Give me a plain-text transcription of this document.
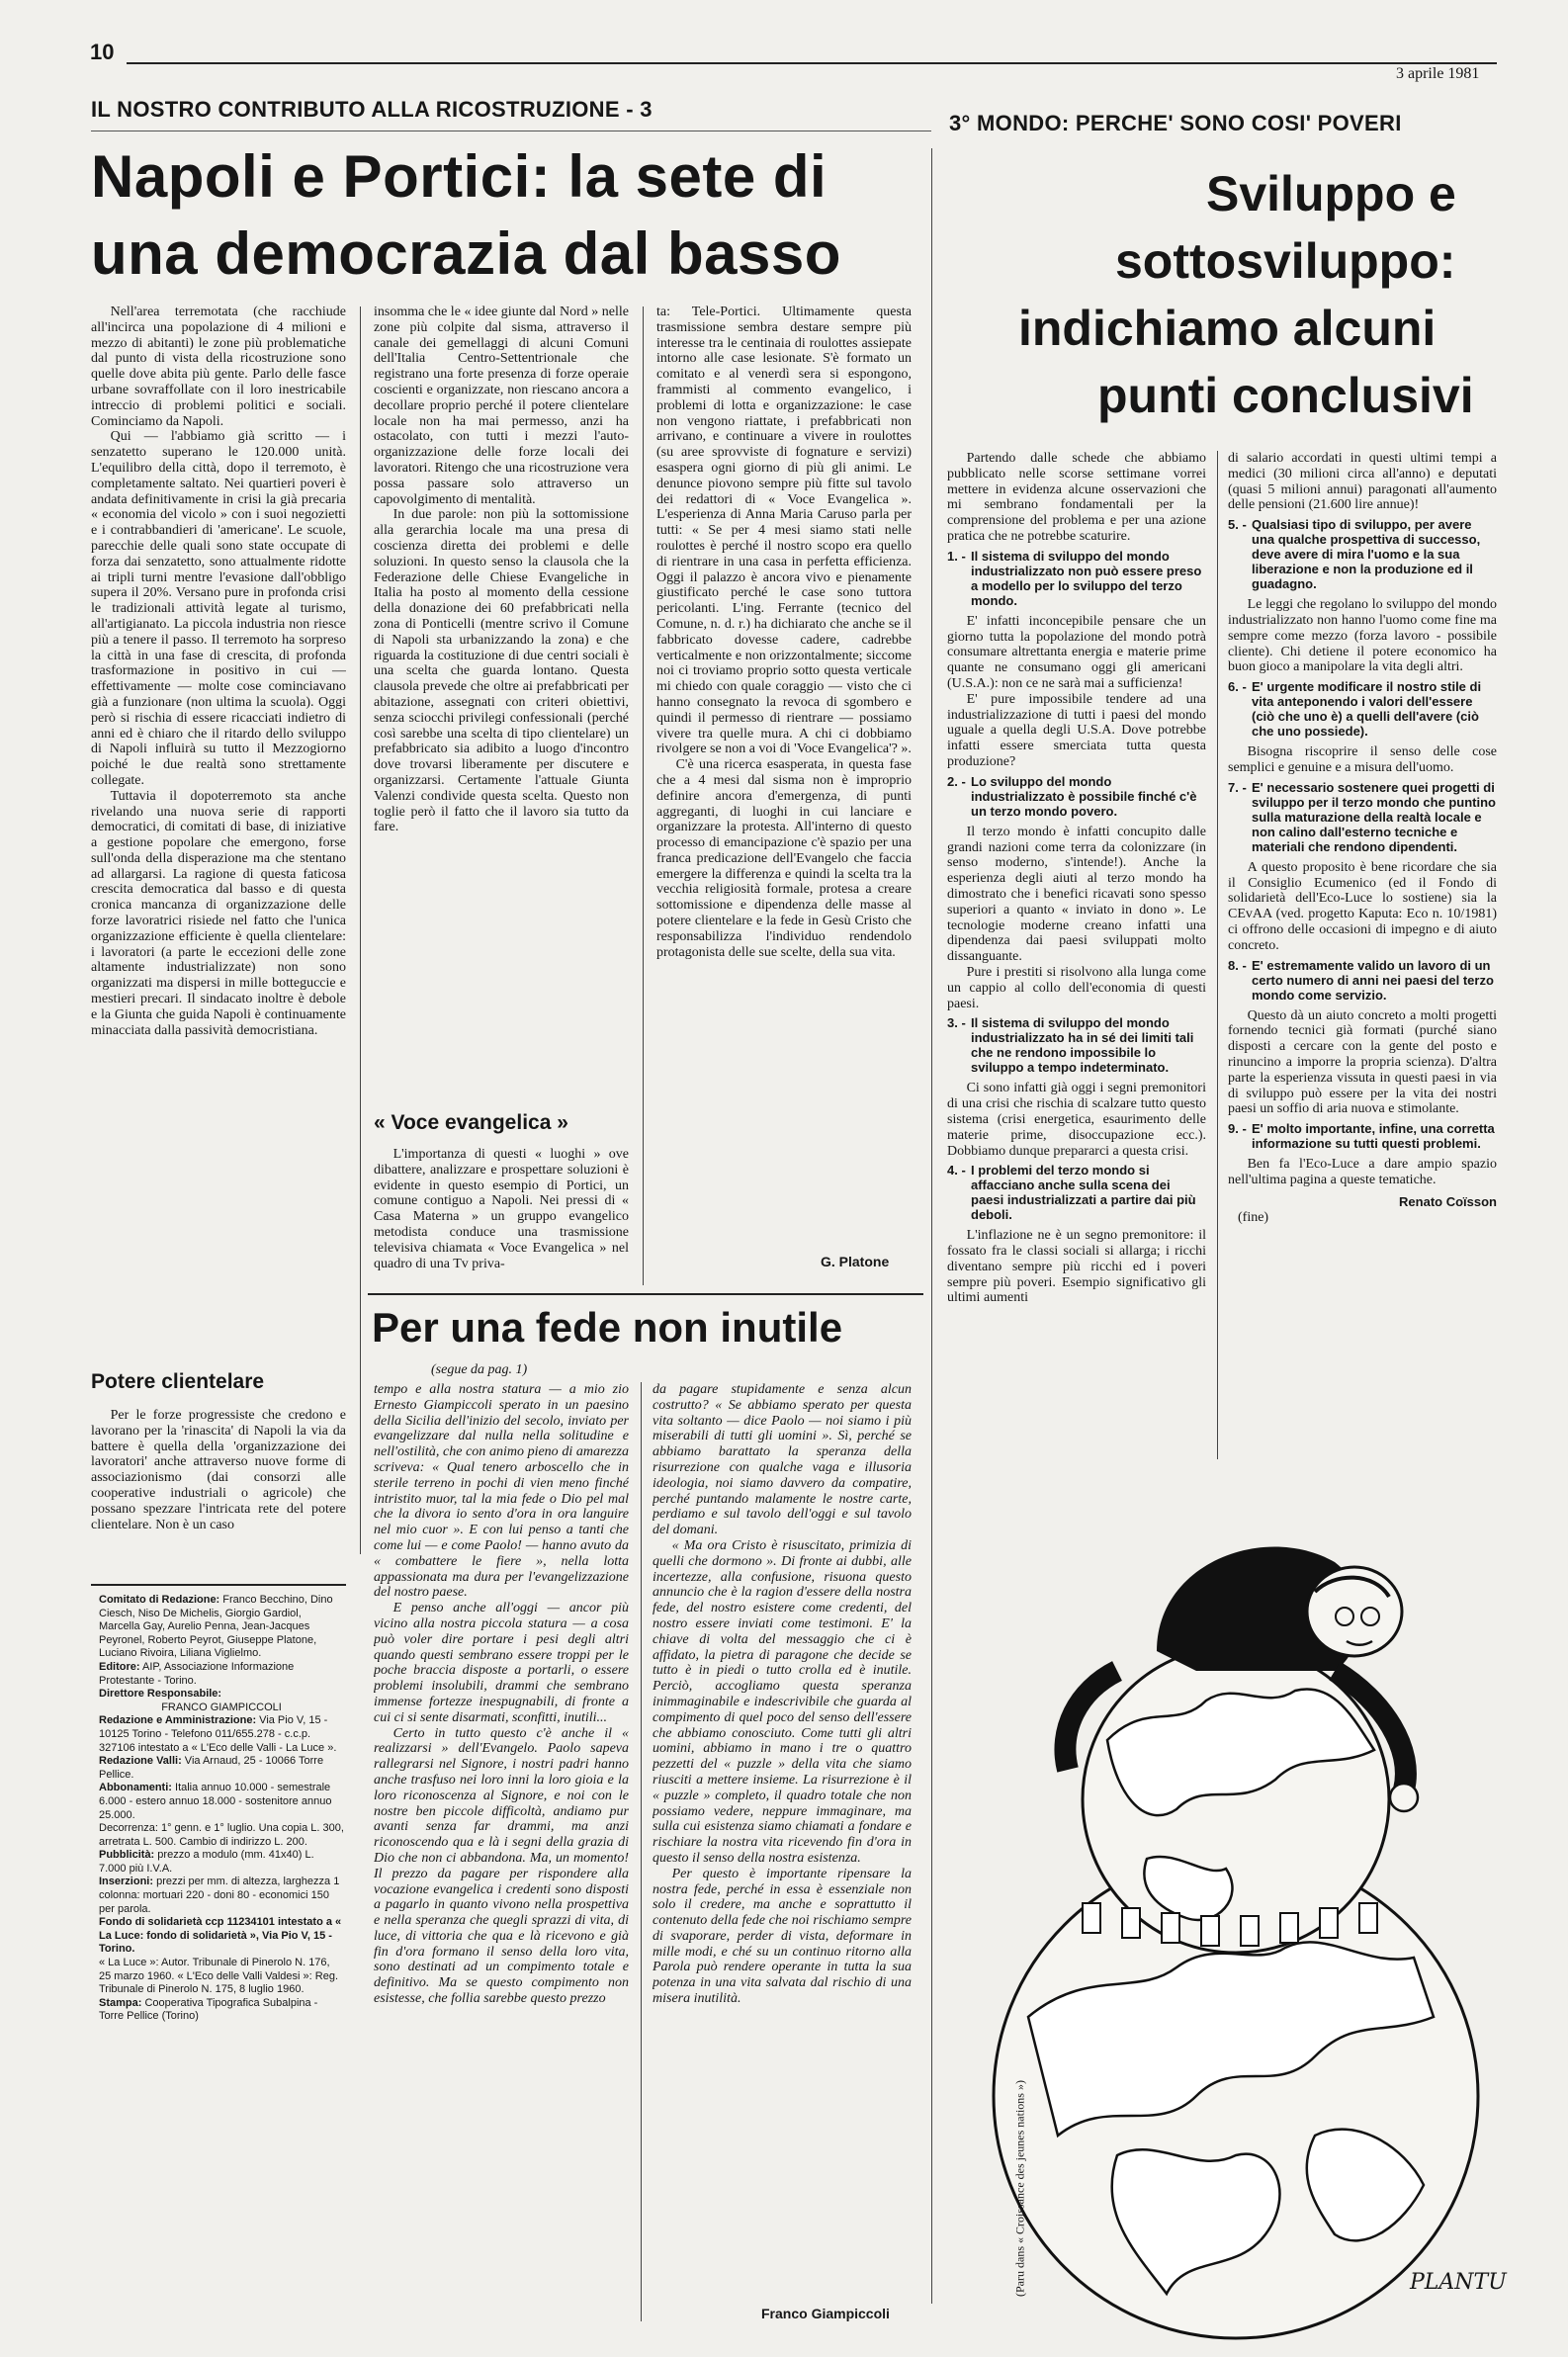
10
3 aprile 1981
IL NOSTRO CONTRIBUTO ALLA RICOSTRUZIONE - 3
3° MONDO: PERCHE' SONO COSI' POVERI
Napoli e Portici: la sete di
una democrazia dal basso
Sviluppo e
sottosviluppo:
indichiamo alcuni
punti conclusivi

Nell'area terremotata (che racchiude all'incirca una popolazione di 4 milioni e mezzo di abitanti) le zone più problematiche dal punto di vista della ricostruzione sono quelle dove abita più gente. Parlo delle fasce urbane sovraffollate con il loro inestricabile intreccio di problemi politici e sociali. Cominciamo da Napoli.

Qui — l'abbiamo già scritto — i senzatetto superano le 120.000 unità. L'equilibro della città, dopo il terremoto, è completamente saltato. Nei quartieri poveri è andata definitivamente in crisi la già precaria « economia del vicolo » con i suoi negozietti e i contrabbandieri di 'americane'. Le scuole, parecchie delle quali sono state occupate di forza dai senzatetto, sono attualmente ridotte ai tripli turni mentre l'evasione dall'obbligo supera il 20%. Versano pure in profonda crisi le tradizionali attività legate al turismo, all'artigianato. La piccola industria non riesce più a tenere il passo. Il terremoto ha sorpreso la città in una fase di crescita, di profonda trasformazione in positivo in cui — effettivamente — molte cose cominciavano già a funzionare (non ultima la scuola). Oggi però si rischia di essere ricacciati indietro di anni ed è chiaro che il ritardo dello sviluppo di Napoli influirà su tutto il Mezzogiorno poiché le due realtà sono strettamente collegate.

Tuttavia il dopoterremoto sta anche rivelando una nuova serie di rapporti democratici, di comitati di base, di iniziative a gestione popolare che emergono, forse sull'onda della disperazione ma che stentano ad allargarsi. La ragione di questa faticosa crescita democratica dal basso e di questa cronica mancanza di organizzazione delle forze lavoratrici risiede nel fatto che l'unica organizzazione efficiente è quella clientelare: i lavoratori (a parte le eccezioni delle zone altamente industrializzate) non sono organizzati ma dispersi in mille botteguccie e mestieri precari. Il sindacato inoltre è debole e la Giunta che guida Napoli è continuamente minacciata dalla passività democristiana.

Potere clientelare

Per le forze progressiste che credono e lavorano per la 'rinascita' di Napoli la via da battere è quella della 'organizzazione dei lavoratori' anche attraverso nuove forme di associazionismo (dai consorzi alle cooperative industriali o agricole) che possano spezzare l'intricata rete del potere clientelare. Non è un caso

insomma che le « idee giunte dal Nord » nelle zone più colpite dal sisma, attraverso il canale dei gemellaggi di alcuni Comuni dell'Italia Centro-Settentrionale che registrano una forte presenza di forze operaie coscienti e organizzate, non riescano ancora a decollare proprio perché il potere clientelare locale non ha mai permesso, anzi ha ostacolato, con tutti i mezzi l'auto-organizzazione delle forze locali dei lavoratori. Ritengo che una ricostruzione vera possa passare solo attraverso un capovolgimento di mentalità.

In due parole: non più la sottomissione alla gerarchia locale ma una presa di coscienza diretta dei problemi e delle soluzioni. In questo senso la clausola che la Federazione delle Chiese Evangeliche in Italia ha posto al momento della cessione della donazione dei 60 prefabbricati nella zona di Ponticelli (mentre scrivo il Comune di Napoli sta urbanizzando la zona) e che riguarda la costituzione di due centri sociali è una scelta che guarda lontano. Questa clausola prevede che oltre ai prefabbricati per abitazione, assegnati con criteri obiettivi, senza sciocchi privilegi confessionali (perché così sarebbe una scelta di tipo clientelare) un prefabbricato sia adibito a luogo d'incontro dove trovarsi liberamente per discutere e organizzarsi. Certamente l'attuale Giunta Valenzi condivide questa scelta. Questo non toglie però il fatto che il lavoro sia tutto da fare.

« Voce evangelica »

L'importanza di questi « luoghi » ove dibattere, analizzare e prospettare soluzioni è evidente in questo esempio di Portici, un comune contiguo a Napoli. Nei pressi di « Casa Materna » un gruppo evangelico metodista conduce una trasmissione televisiva chiamata « Voce Evangelica » nel quadro di una Tv priva-

ta: Tele-Portici. Ultimamente questa trasmissione sembra destare sempre più interesse tra le centinaia di roulottes assiepate intorno alle case lesionate. S'è formato un comitato e al venerdì sera si espongono, frammisti al commento evangelico, i problemi di lotta e organizzazione: le case non vengono riattate, i prefabbricati non arrivano, e continuare a vivere in roulottes (su aree sprovviste di fognature e servizi) esaspera ogni giorno di più gli animi. Le denunce piovono sempre più fitte sul tavolo dei redattori di « Voce Evangelica ». L'esperienza di Anna Maria Caruso parla per tutti: « Se per 4 mesi siamo stati nelle roulottes è perché il nostro scopo era quello di rientrare in una casa in perfetta efficienza. Oggi il palazzo è ancora vivo e pienamente giustificato perché le case sono tuttora pericolanti. L'ing. Ferrante (tecnico del Comune, n. d. r.) ha dichiarato che anche se il fabbricato dovesse cadere, cadrebbe verticalmente e non orizzontalmente; siccome noi ci troviamo proprio sotto questa verticale mi chiedo con quale coraggio — visto che ci hanno consegnato la revoca di sgombero e quindi il permesso di rientrare — possiamo vivere tra quelle mura. A chi ci dobbiamo rivolgere se non a voi di 'Voce Evangelica'? ».

C'è una ricerca esasperata, in questa fase che a 4 mesi dal sisma non è improprio definire ancora d'emergenza, di punti aggreganti, di luoghi in cui lanciare e organizzare la protesta. All'interno di questo processo di emancipazione c'è spazio per una franca predicazione dell'Evangelo che faccia emergere la differenza e quindi la scelta tra la vecchia religiosità formale, protesa a creare sottomissione e dipendenza delle masse al potere clientelare e la fede in Gesù Cristo che responsabilizza l'individuo rendendolo protagonista delle sue scelte, della sua vita.

G. Platone

Comitato di Redazione: Franco Becchino, Dino Ciesch, Niso De Michelis, Giorgio Gardiol, Marcella Gay, Aurelio Penna, Jean-Jacques Peyronel, Roberto Peyrot, Giuseppe Platone, Luciano Rivoira, Liliana Viglielmo.

Editore: AIP, Associazione Informazione Protestante - Torino.

Direttore Responsabile:

FRANCO GIAMPICCOLI

Redazione e Amministrazione: Via Pio V, 15 - 10125 Torino - Telefono 011/655.278 - c.c.p. 327106 intestato a « L'Eco delle Valli - La Luce ».

Redazione Valli: Via Arnaud, 25 - 10066 Torre Pellice.

Abbonamenti: Italia annuo 10.000 - semestrale 6.000 - estero annuo 18.000 - sostenitore annuo 25.000.

Decorrenza: 1° genn. e 1° luglio. Una copia L. 300, arretrata L. 500. Cambio di indirizzo L. 200.

Pubblicità: prezzo a modulo (mm. 41x40) L. 7.000 più I.V.A.

Inserzioni: prezzi per mm. di altezza, larghezza 1 colonna: mortuari 220 - doni 80 - economici 150 per parola.

Fondo di solidarietà ccp 11234101 intestato a « La Luce: fondo di solidarietà », Via Pio V, 15 - Torino.

« La Luce »: Autor. Tribunale di Pinerolo N. 176, 25 marzo 1960. « L'Eco delle Valli Valdesi »: Reg. Tribunale di Pinerolo N. 175, 8 luglio 1960.

Stampa: Cooperativa Tipografica Subalpina - Torre Pellice (Torino)

Per una fede non inutile
(segue da pag. 1)

tempo e alla nostra statura — a mio zio Ernesto Giampiccoli sperato in un paesino della Sicilia dell'inizio del secolo, inviato per evangelizzare dal nulla nella solitudine e nell'ostilità, che con animo pieno di amarezza scriveva: « Qual tenero arboscello che in sterile terreno in pochi di vien meno finché intristito muor, tal la mia fede o Dio pel mal che la divora io sento d'ora in ora languire nel mio cuor ». E con lui penso a tanti che come lui — e come Paolo! — hanno avuto da « combattere le fiere », nella lotta appassionata ma dura per l'evangelizzazione del nostro paese.

E penso anche all'oggi — ancor più vicino alla nostra piccola statura — a cosa può voler dire portare i pesi degli altri quando questi sembrano essere troppi per le poche braccia disposte a portarli, o essere problemi insolubili, drammi che sembrano immense fortezze inespugnabili, di fronte a cui ci si sente disarmati, sconfitti, inutili...

Certo in tutto questo c'è anche il « realizzarsi » dell'Evangelo. Paolo sapeva rallegrarsi nel Signore, i nostri padri hanno anche trasfuso nei loro inni la loro gioia e la loro riconoscenza al Signore, e noi con le nostre ben piccole difficoltà, andiamo pur avanti senza far drammi, ma anzi riconoscendo qua e là i segni della grazia di Dio che non ci abbandona. Ma, un momento! Il prezzo da pagare per rispondere alla vocazione evangelica i credenti sono disposti a pagarlo in quanto vivono nella prospettiva e nella speranza che quegli sprazzi di vita, di luce, di vittoria che qua e là ricevono e già fin d'ora formano il senso della loro vita, sono destinati ad un compimento totale e definitivo. Ma se questo compimento non esistesse, che follia sarebbe questo prezzo

da pagare stupidamente e senza alcun costrutto? « Se abbiamo sperato per questa vita soltanto — dice Paolo — noi siamo i più miserabili di tutti gli uomini ». Sì, perché se abbiamo barattato la speranza della risurrezione con qualche vaga e illusoria ideologia, noi siamo davvero da compatire, perché puntando malamente le nostre carte, perdiamo e sul tavolo dell'oggi e sul tavolo del domani.

« Ma ora Cristo è risuscitato, primizia di quelli che dormono ». Di fronte ai dubbi, alle incertezze, alla confusione, risuona questo annuncio che è la ragion d'essere della nostra fede, del nostro esistere come credenti, del nostro essere inviati come testimoni. E' la chiave di volta del messaggio che ci è affidato, la pietra di paragone che decide se tutto è in piedi o tutto crolla ed è inutile. Perciò, accogliamo questa speranza inimmaginabile e indescrivibile che guarda al compimento di quel poco del senso dell'essere che abbiamo conosciuto. Come tutti gli altri uomini, abbiamo in mano i tre o quattro pezzetti del « puzzle » della vita che siamo riusciti a mettere insieme. La risurrezione è il « puzzle » completo, il quadro totale che non possiamo vedere, neppure immaginare, ma sulla cui esistenza siamo chiamati a fondare e rischiare la nostra vita ricevendo fin d'ora in questo il senso della nostra esistenza.

Per questo è importante ripensare la nostra fede, perché in essa è essenziale non solo il credere, ma anche e soprattutto il contenuto della fede che noi rischiamo sempre di svaporare, perder di vista, deformare in mille modi, e ché su un continuo ritorno alla Parola può rendere operante in tutta la sua potenza in una vita salvata dal rischio di una misera inutilità.

Franco Giampiccoli

Partendo dalle schede che abbiamo pubblicato nelle scorse settimane vorrei mettere in evidenza alcune osservazioni che mi sembrano fondamentali per la comprensione del problema e per una azione pratica che ne potrebbe scaturire.

1. - Il sistema di sviluppo del mondo industrializzato non può essere preso a modello per lo sviluppo del terzo mondo.

E' infatti inconcepibile pensare che un giorno tutta la popolazione del mondo potrà consumare altrettanta energia e materie prime quante ne consumano oggi gli americani (U.S.A.): non ce ne sarà mai a sufficienza!

E' pure impossibile tendere ad una industrializzazione di tutti i paesi del mondo uguale a quella degli U.S.A. Dove potrebbe infatti essere smerciata tutta questa produzione?

2. - Lo sviluppo del mondo industrializzato è possibile finché c'è un terzo mondo povero.

Il terzo mondo è infatti concupito dalle grandi nazioni come terra da colonizzare (in senso moderno, s'intende!). Anche la esperienza degli aiuti al terzo mondo ha dimostrato che i benefici ricavati sono spesso superiori a quanto « inviato in dono ». Le tecnologie moderne creano infatti una dipendenza dai paesi sviluppati molto dissanguante.

Pure i prestiti si risolvono alla lunga come un cappio al collo dell'economia di questi paesi.

3. - Il sistema di sviluppo del mondo industrializzato ha in sé dei limiti tali che ne rendono impossibile lo sviluppo a tempo indeterminato.

Ci sono infatti già oggi i segni premonitori di una crisi che rischia di scalzare tutto questo sistema (crisi energetica, esaurimento delle materie prime, disoccupazione ecc.). Dobbiamo dunque prepararci a questa crisi.

4. - I problemi del terzo mondo si affacciano anche sulla scena dei paesi industrializzati a partire dai più deboli.

L'inflazione ne è un segno premonitore: il fossato fra le classi sociali si allarga; i ricchi diventano sempre più ricchi ed i poveri sempre più poveri. Esempio significativo gli ultimi aumenti

di salario accordati in questi ultimi tempi a medici (30 milioni circa all'anno) e deputati (quasi 5 milioni annui) paragonati all'aumento delle pensioni (21.600 lire annue)!

5. - Qualsiasi tipo di sviluppo, per avere una qualche prospettiva di successo, deve avere di mira l'uomo e la sua liberazione e non la produzione ed il guadagno.

Le leggi che regolano lo sviluppo del mondo industrializzato non hanno l'uomo come fine ma sempre come mezzo (forza lavoro - possibile cliente). Chi detiene il potere economico ha buon gioco a manipolare la vita degli altri.

6. - E' urgente modificare il nostro stile di vita anteponendo i valori dell'essere (ciò che uno è) a quelli dell'avere (ciò che uno possiede).

Bisogna riscoprire il senso delle cose semplici e genuine e a misura dell'uomo.

7. - E' necessario sostenere quei progetti di sviluppo per il terzo mondo che puntino sulla maturazione della realtà locale e non calino dall'esterno tecniche e materiali che rendono dipendenti.

A questo proposito è bene ricordare che sia il Consiglio Ecumenico (ed il Fondo di solidarietà dell'Eco-Luce lo sostiene) sia la CEvAA (ved. progetto Kaputa: Eco n. 10/1981) ci offrono delle occasioni di impegno e di aiuto concreto.

8. - E' estremamente valido un lavoro di un certo numero di anni nei paesi del terzo mondo come servizio.

Questo dà un aiuto concreto a molti progetti fornendo tecnici già formati (purché siano disposti a cercare con la gente del posto e rinuncino a imporre la propria scienza). D'altra parte la esperienza vissuta in questi paesi in via di sviluppo può essere per la vita dei nostri paesi un soffio di aria nuova e stimolante.

9. - E' molto importante, infine, una corretta informazione su tutti questi problemi.

Ben fa l'Eco-Luce a dare ampio spazio nell'ultima pagina a queste tematiche.

Renato Coïsson

(fine)

(Paru dans « Croissance des jeunes nations »)	PLANTU
